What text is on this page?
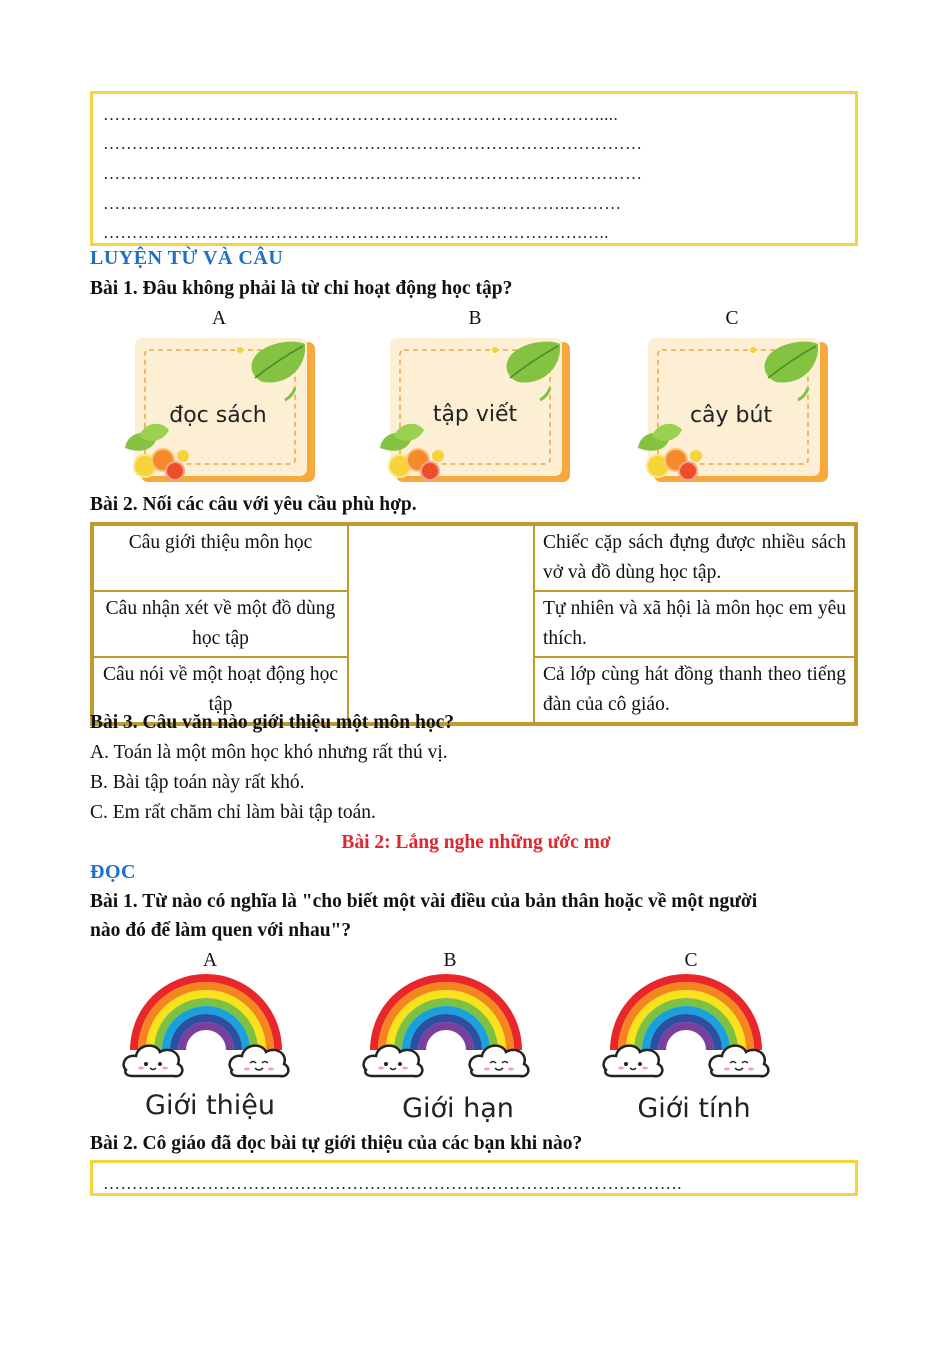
……………………….………………………………………………….....
…………………………………………………………………………………
…………………………………………………………………………………
……………….……………………………………………………..………
……………………….……………………………………………….…..
LUYỆN TỪ VÀ CÂU
Bài 1. Đâu không phải là từ chỉ hoạt động học tập?
A	B	C
đọc sách	tập viết	cây bút
Bài 2. Nối các câu với yêu cầu phù hợp.
Câu giới thiệu môn học		Chiếc cặp sách đựng được nhiều sách vở và đồ dùng học tập.
Câu nhận xét về một đồ dùng học tập		Tự nhiên và xã hội là môn học em yêu thích.
Câu nói về một hoạt động học tập		Cả lớp cùng hát đồng thanh theo tiếng đàn của cô giáo.
Bài 3. Câu văn nào giới thiệu một môn học?
A. Toán là một môn học khó nhưng rất thú vị.
B. Bài tập toán này rất khó.
C. Em rất chăm chỉ làm bài tập toán.
Bài 2: Lắng nghe những ước mơ
ĐỌC
Bài 1. Từ nào có nghĩa là "cho biết một vài điều của bản thân hoặc về một người
nào đó để làm quen với nhau"?
A	B	C
Giới thiệu	Giới hạn	Giới tính
Bài 2. Cô giáo đã đọc bài tự giới thiệu của các bạn khi nào?
……………………………………………………………………………………….
